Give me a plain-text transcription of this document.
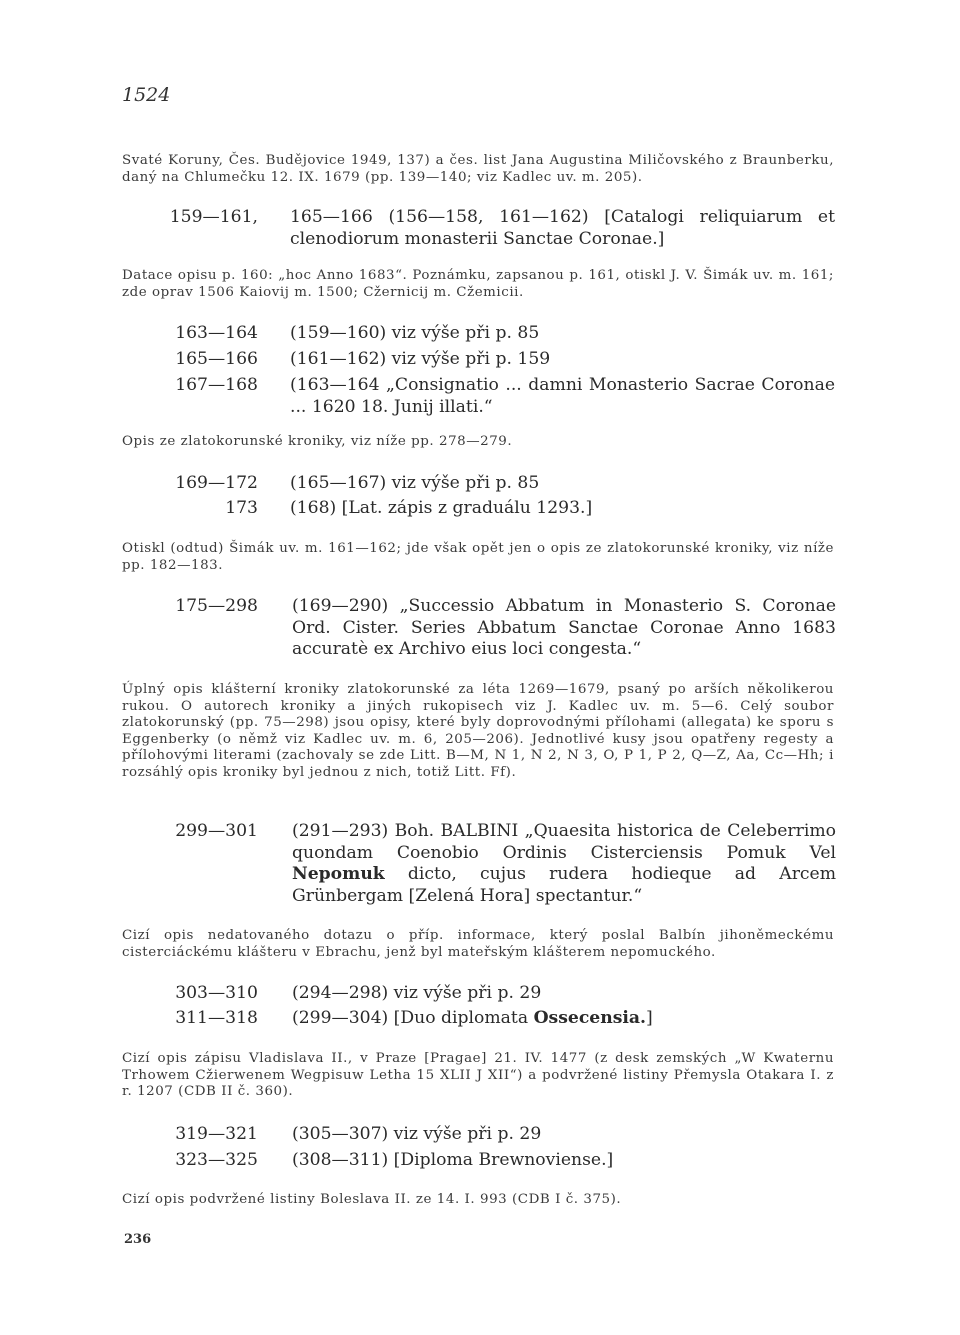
1524
Svaté Koruny, Čes. Budějovice 1949, 137) a čes. list Jana Augustina Miličovského z Braunberku, daný na Chlumečku 12. IX. 1679 (pp. 139—140; viz Kadlec uv. m. 205).
159—161, 165—166 (156—158, 161—162) [Catalogi reliquiarum et clenodiorum monasterii Sanctae Coronae.]
Datace opisu p. 160: „hoc Anno 1683“. Poznámku, zapsanou p. 161, otiskl J. V. Šimák uv. m. 161; zde oprav 1506 Kaiovij m. 1500; Cžernicij m. Cžemicii.
163—164 (159—160) viz výše při p. 85
165—166 (161—162) viz výše při p. 159
167—168 (163—164 „Consignatio ... damni Monasterio Sacrae Coronae ... 1620 18. Junij illati.“
Opis ze zlatokorunské kroniky, viz níže pp. 278—279.
169—172 (165—167) viz výše při p. 85
173 (168) [Lat. zápis z graduálu 1293.]
Otiskl (odtud) Šimák uv. m. 161—162; jde však opět jen o opis ze zlatokorunské kroniky, viz níže pp. 182—183.
175—298 (169—290) „Successio Abbatum in Monasterio S. Coronae Ord. Cister. Series Abbatum Sanctae Coronae Anno 1683 accuratè ex Archivo eius loci congesta.“
Úplný opis klášterní kroniky zlatokorunské za léta 1269—1679, psaný po arších několikerou rukou. O autorech kroniky a jiných rukopisech viz J. Kadlec uv. m. 5—6. Celý soubor zlatokorunský (pp. 75—298) jsou opisy, které byly doprovodnými přílohami (allegata) ke sporu s Eggenberky (o němž viz Kadlec uv. m. 6, 205—206). Jednotlivé kusy jsou opatřeny regesty a přílohovými literami (zachovaly se zde Litt. B—M, N 1, N 2, N 3, O, P 1, P 2, Q—Z, Aa, Cc—Hh; i rozsáhlý opis kroniky byl jednou z nich, totiž Litt. Ff).
299—301 (291—293) Boh. BALBINI „Quaesita historica de Celeberrimo quondam Coenobio Ordinis Cisterciensis Pomuk Vel Nepomuk dicto, cujus rudera hodieque ad Arcem Grünbergam [Zelená Hora] spectantur.“
Cizí opis nedatovaného dotazu o příp. informace, který poslal Balbín jihoněmeckému cisterciáckému klášteru v Ebrachu, jenž byl mateřským klášterem nepomuckého.
303—310 (294—298) viz výše při p. 29
311—318 (299—304) [Duo diplomata Ossecensia.]
Cizí opis zápisu Vladislava II., v Praze [Pragae] 21. IV. 1477 (z desk zemských „W Kwaternu Trhowem Cžierwenem Wegpisuw Letha 15 XLII J XII“) a podvržené listiny Přemysla Otakara I. z r. 1207 (CDB II č. 360).
319—321 (305—307) viz výše při p. 29
323—325 (308—311) [Diploma Brewnoviense.]
Cizí opis podvržené listiny Boleslava II. ze 14. I. 993 (CDB I č. 375).
236
